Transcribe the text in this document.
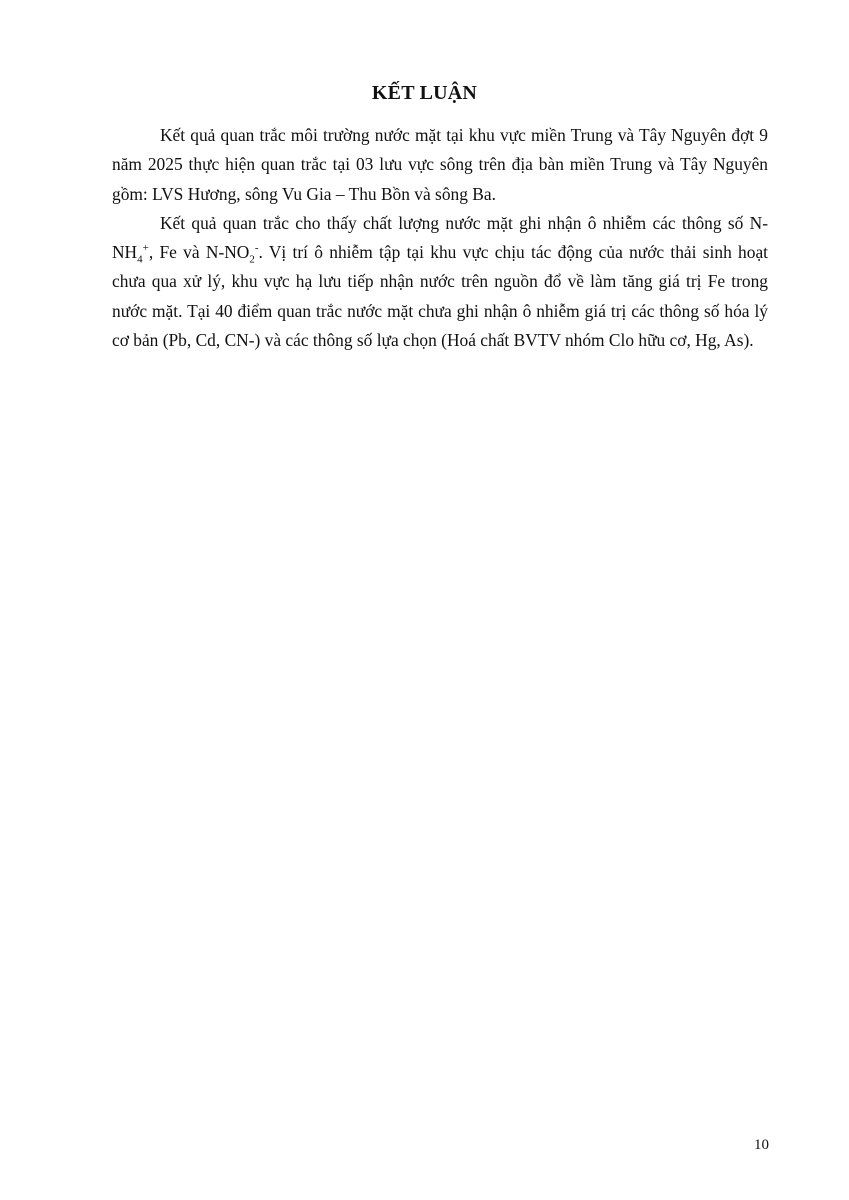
KẾT LUẬN

Kết quả quan trắc môi trường nước mặt tại khu vực miền Trung và Tây Nguyên đợt 9 năm 2025 thực hiện quan trắc tại 03 lưu vực sông trên địa bàn miền Trung và Tây Nguyên gồm: LVS Hương, sông Vu Gia – Thu Bồn và sông Ba.

Kết quả quan trắc cho thấy chất lượng nước mặt ghi nhận ô nhiễm các thông số $N-NH_4^+$, Fe và $N-NO_2^-$. Vị trí ô nhiễm tập tại khu vực chịu tác động của nước thải sinh hoạt chưa qua xử lý, khu vực hạ lưu tiếp nhận nước trên nguồn đổ về làm tăng giá trị Fe trong nước mặt. Tại 40 điểm quan trắc nước mặt chưa ghi nhận ô nhiễm giá trị các thông số hóa lý cơ bản (Pb, Cd, CN-) và các thông số lựa chọn (Hoá chất BVTV nhóm Clo hữu cơ, Hg, As).

10
